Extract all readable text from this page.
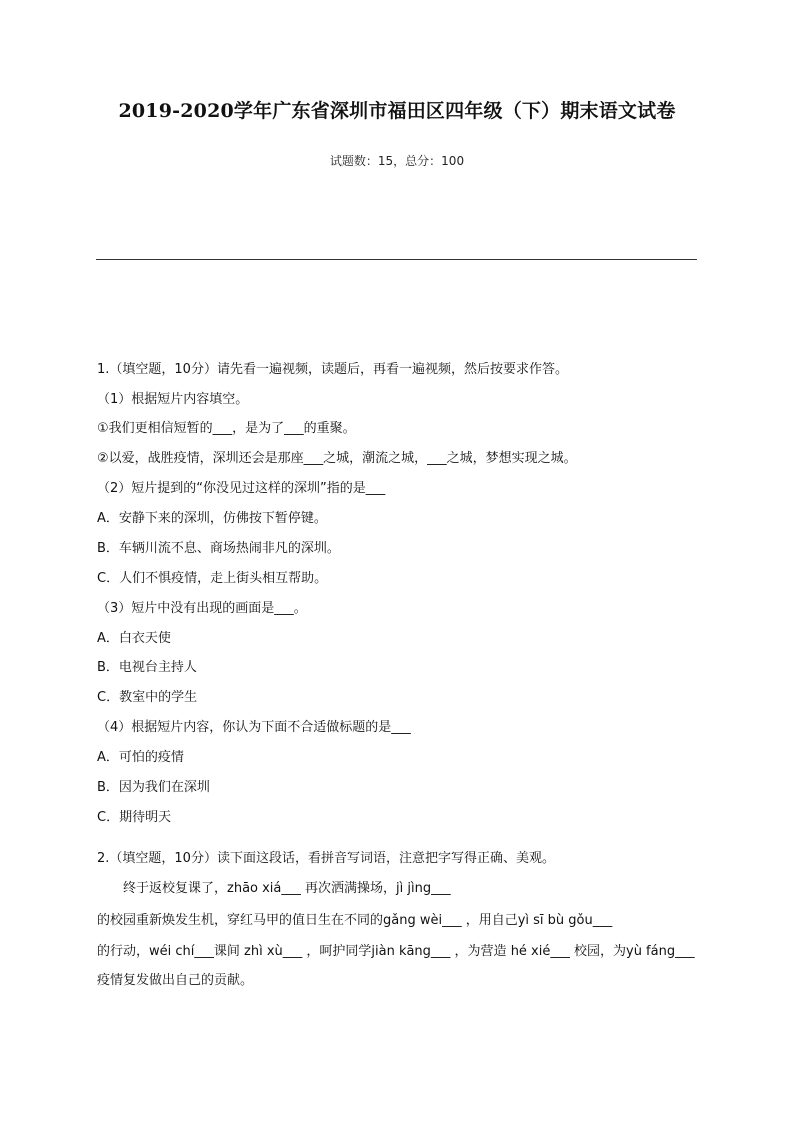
2019-2020学年广东省深圳市福田区四年级（下）期末语文试卷
试题数：15，总分：100
1.（填空题，10分）请先看一遍视频，读题后，再看一遍视频，然后按要求作答。
（1）根据短片内容填空。
①我们更相信短暂的___，是为了___的重聚。
②以爱，战胜疫情，深圳还会是那座___之城，潮流之城，___之城，梦想实现之城。
（2）短片提到的“你没见过这样的深圳”指的是___
A．安静下来的深圳，仿佛按下暂停键。
B．车辆川流不息、商场热闹非凡的深圳。
C．人们不惧疫情，走上街头相互帮助。
（3）短片中没有出现的画面是___。
A．白衣天使
B．电视台主持人
C．教室中的学生
（4）根据短片内容，你认为下面不合适做标题的是___
A．可怕的疫情
B．因为我们在深圳
C．期待明天
2.（填空题，10分）读下面这段话，看拼音写词语，注意把字写得正确、美观。
　　终于返校复课了，zhāo xiá___ 再次洒满操场，jì jìng___
的校园重新焕发生机，穿红马甲的值日生在不同的gǎng wèi___ ，用自己yì sī bù gǒu___
的行动，wéi chí___课间 zhì xù___ ，呵护同学jiàn kāng___ ，为营造 hé xié___ 校园，为yù fáng___
疫情复发做出自己的贡献。
